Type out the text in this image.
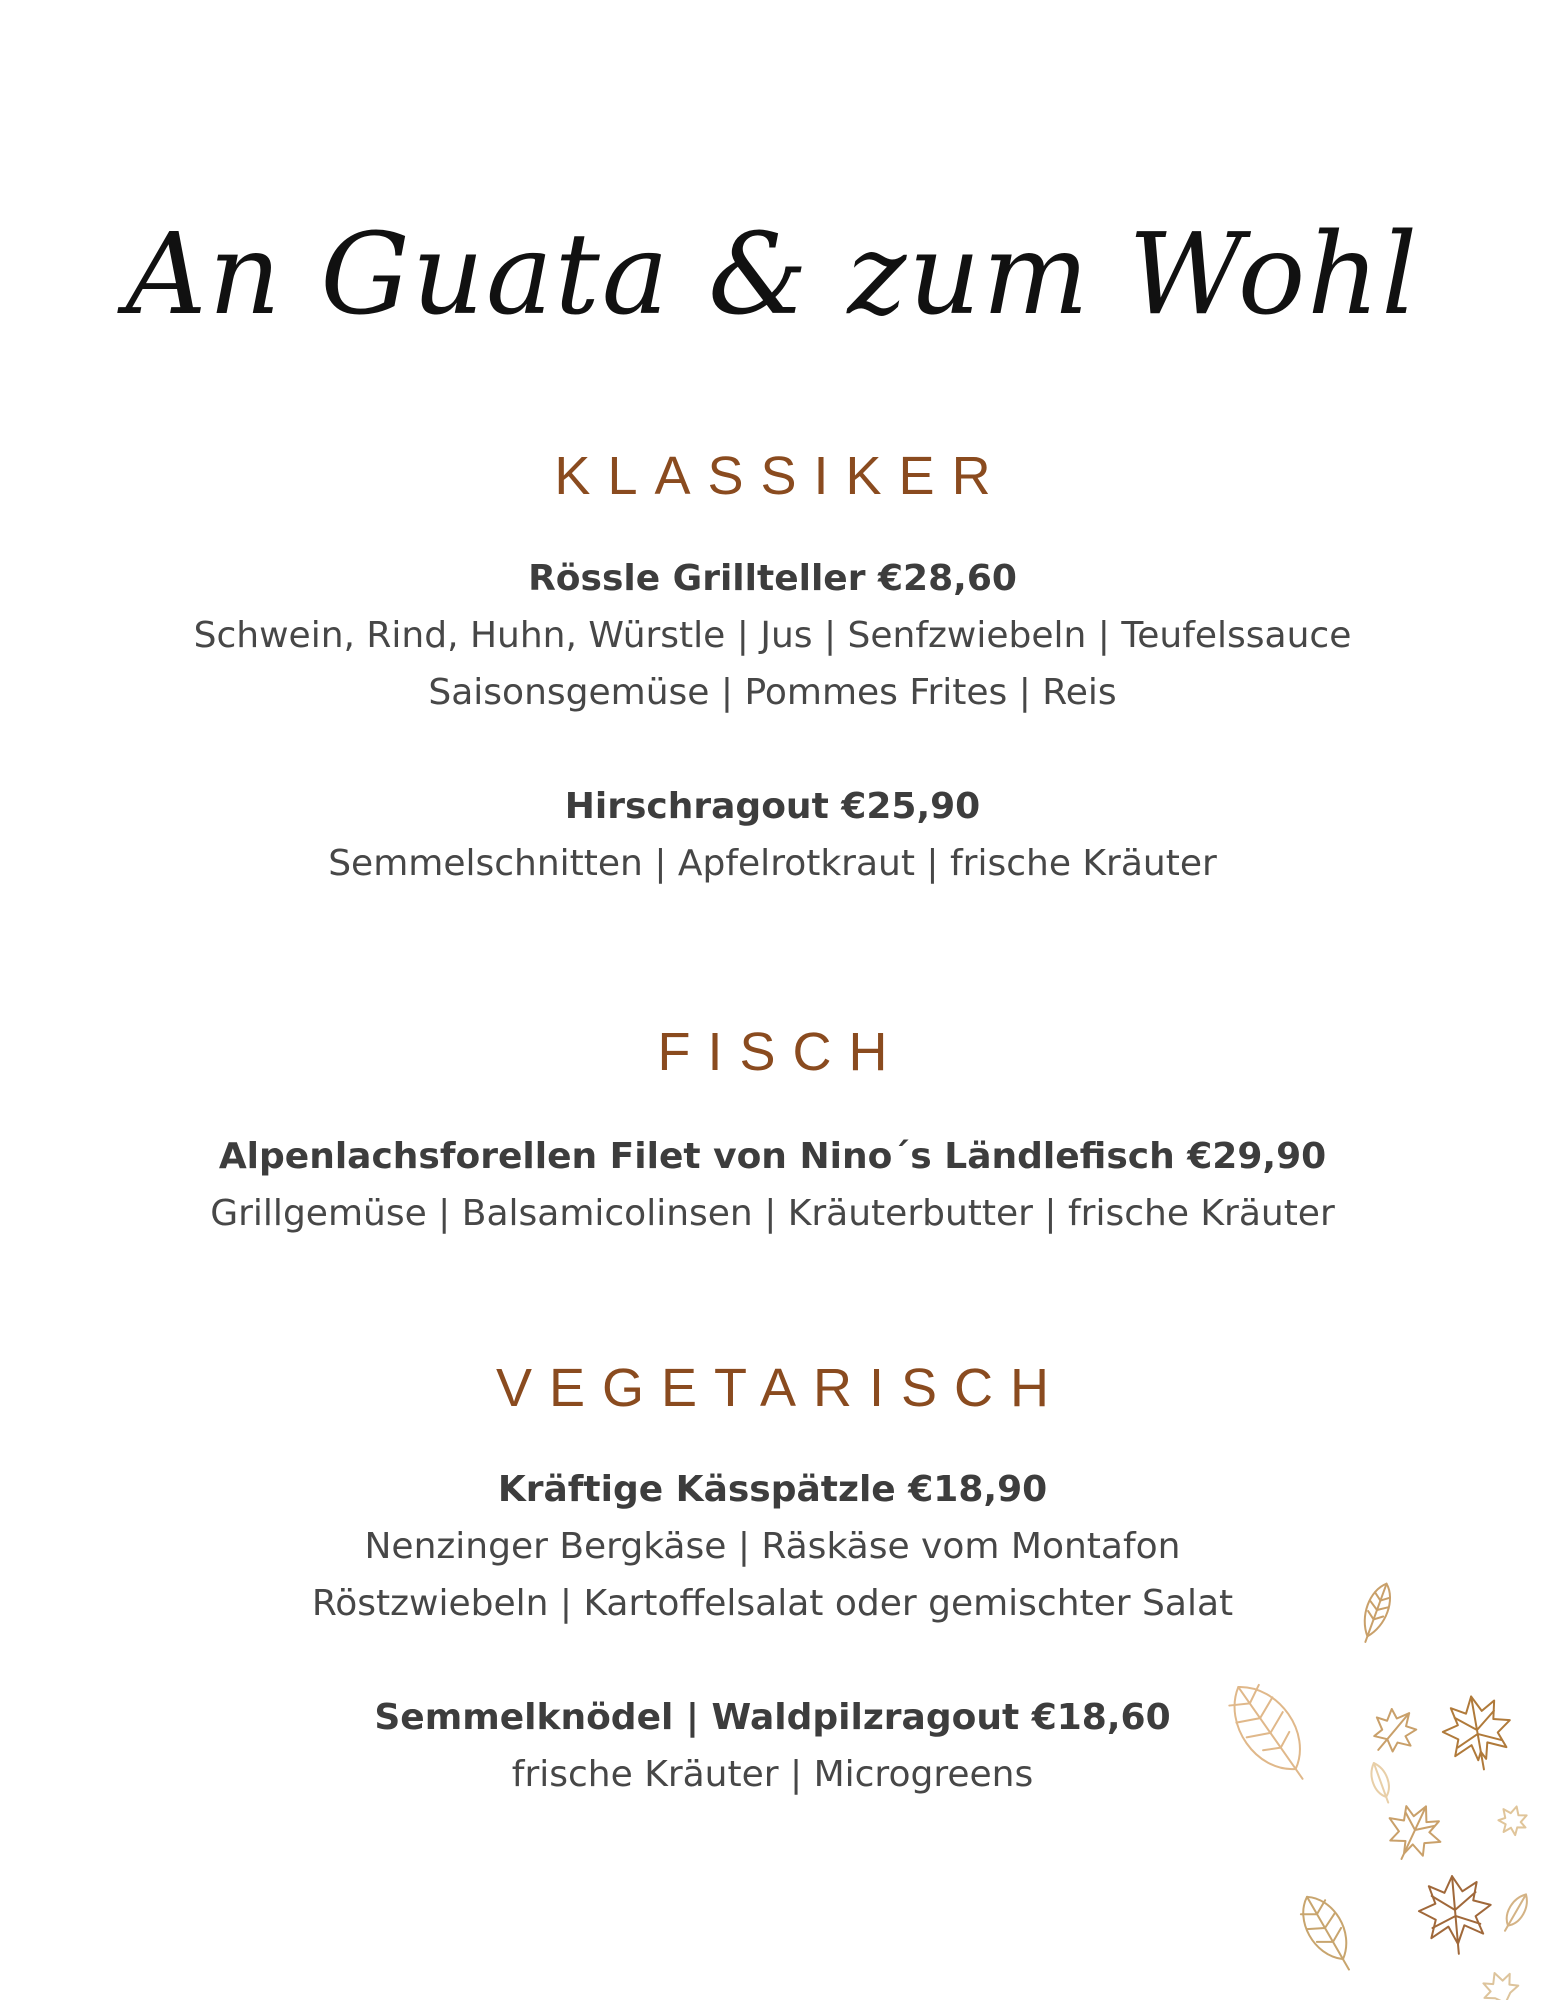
An Guata & zum Wohl
KLASSIKER

Rössle Grillteller €28,60

Schwein, Rind, Huhn, Würstle | Jus | Senfzwiebeln | Teufelssauce

Saisonsgemüse | Pommes Frites | Reis

Hirschragout €25,90

Semmelschnitten | Apfelrotkraut | frische Kräuter

FISCH

Alpenlachsforellen Filet von Nino´s Ländlefisch €29,90

Grillgemüse | Balsamicolinsen | Kräuterbutter | frische Kräuter

VEGETARISCH

Kräftige Kässpätzle €18,90

Nenzinger Bergkäse | Räskäse vom Montafon

Röstzwiebeln | Kartoffelsalat oder gemischter Salat

Semmelknödel | Waldpilzragout €18,60

frische Kräuter | Microgreens
